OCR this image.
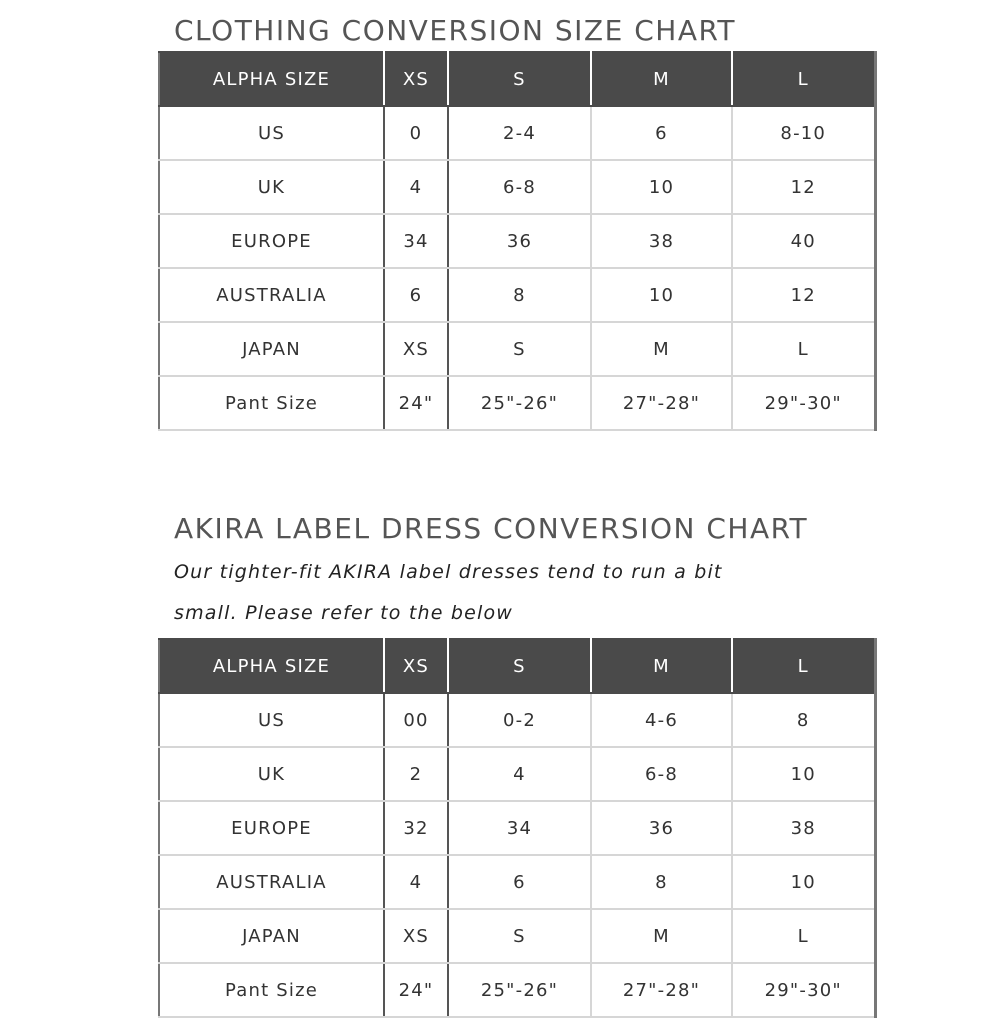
CLOTHING CONVERSION SIZE CHART
ALPHA SIZE	XS	S	M	L
US	0	2-4	6	8-10
UK	4	6-8	10	12
EUROPE	34	36	38	40
AUSTRALIA	6	8	10	12
JAPAN	XS	S	M	L
Pant Size	24"	25"-26"	27"-28"	29"-30"
AKIRA LABEL DRESS CONVERSION CHART

Our tighter-fit AKIRA label dresses tend to run a bit

small. Please refer to the below

ALPHA SIZE	XS	S	M	L
US	00	0-2	4-6	8
UK	2	4	6-8	10
EUROPE	32	34	36	38
AUSTRALIA	4	6	8	10
JAPAN	XS	S	M	L
Pant Size	24"	25"-26"	27"-28"	29"-30"
